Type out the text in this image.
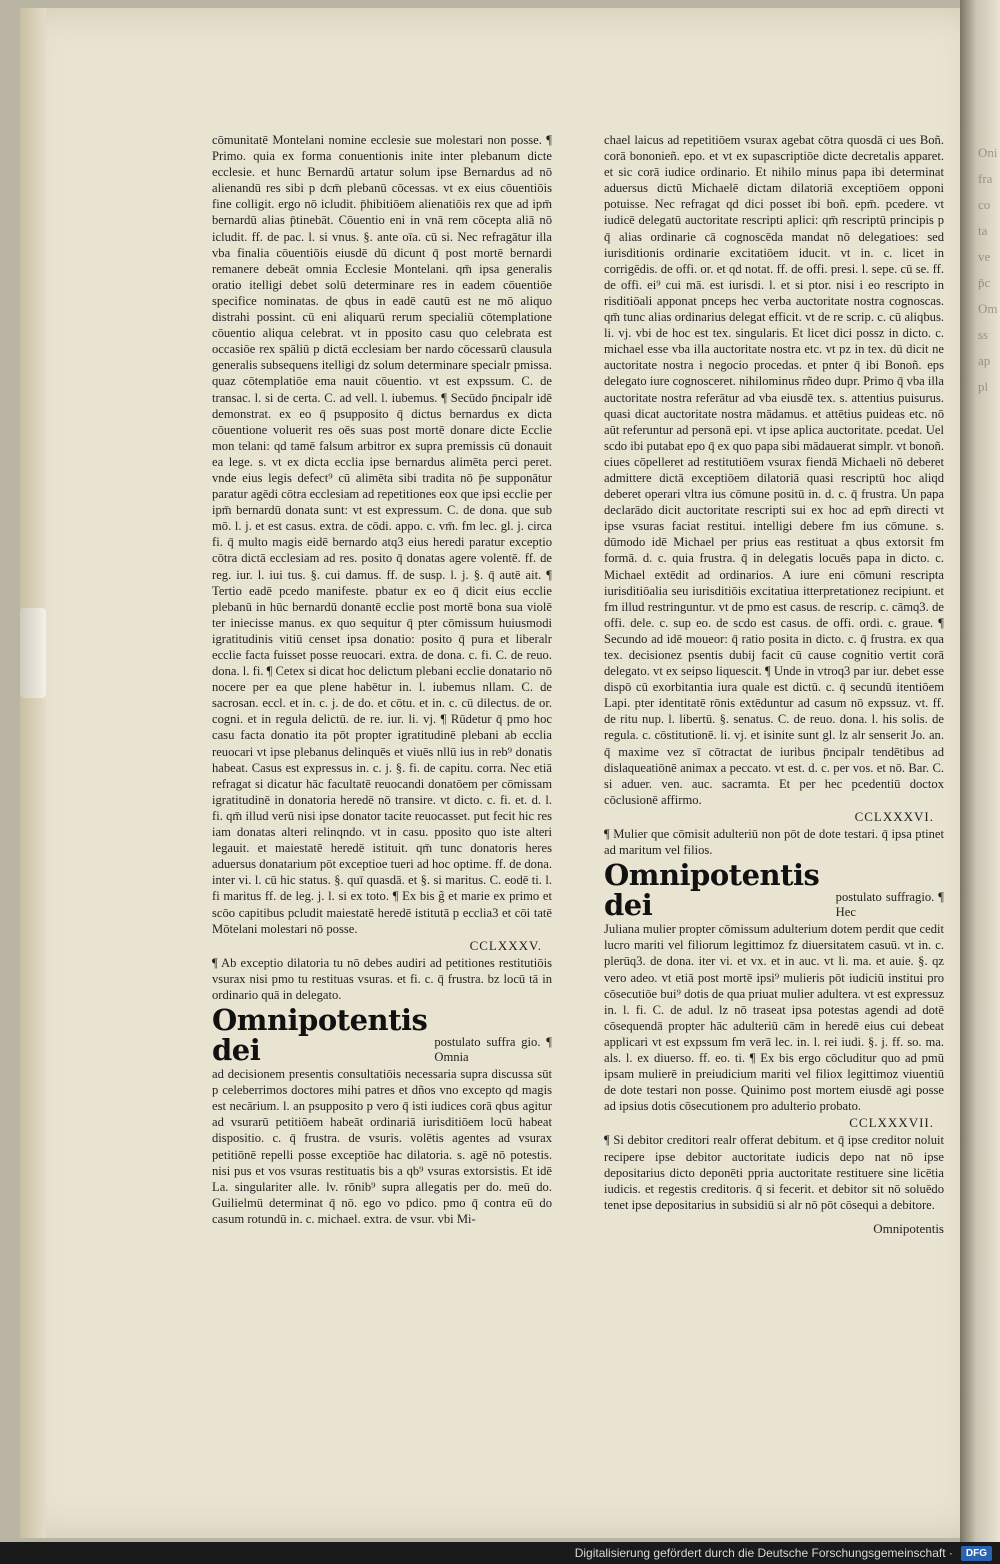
cōmunitatē Montelani nomine ecclesie sue molestari non posse. ¶ Primo. quia ex forma conuentionis inite inter plebanum dicte ecclesie. et hunc Bernardū artatur solum ipse Bernardus ad nō alienandū res sibi p dcm̄ plebanū cōcessas. vt ex eius cōuentiōis fine colligit. ergo nō icludit. p̄hibitiōem alienatiōis rex que ad ipm̄ bernardū alias p̄tinebāt. Cōuentio eni in vnā rem cōcepta aliā nō icludit. ff. de pac. l. si vnus. §. ante oīa. cū si. Nec refragātur illa vba finalia cōuentiōis eiusdē dū dicunt q̄ post mortē bernardi remanere debeāt omnia Ecclesie Montelani. qm̄ ipsa generalis oratio itelligi debet solū determinare res in eadem cōuentiōe specifice nominatas. de qbus in eadē cautū est ne mō aliquo distrahi possint. cū eni aliquarū rerum specialiū cōtemplatione cōuentio aliqua celebrat. vt in pposito casu quo celebrata est occasiōe rex spāliū p dictā ecclesiam ber nardo cōcessarū clausula generalis subsequens itelligi dz solum determinare specialr pmissa. quaz cōtemplatiōe ema nauit cōuentio. vt est expssum. C. de transac. l. si de certa. C. ad vell. l. iubemus. ¶ Secūdo p̄ncipalr idē demonstrat. ex eo q̄ psupposito q̄ dictus bernardus ex dicta cōuentione voluerit res oēs suas post mortē donare dicte Ecclie mon telani: qd tamē falsum arbitror ex supra premissis cū donauit ea lege. s. vt ex dicta ecclia ipse bernardus alimēta perci peret. vnde eius legis defect⁹ cū alimēta sibi tradita nō p̄e supponātur paratur agēdi cōtra ecclesiam ad repetitiones eox que ipsi ecclie per ipm̄ bernardū donata sunt: vt est expressum. C. de dona. que sub mō. l. j. et est casus. extra. de cōdi. appo. c. vm̄. fm lec. gl. j. circa fi. q̄ multo magis eidē bernardo atq3 eius heredi paratur exceptio cōtra dictā ecclesiam ad res. posito q̄ donatas agere volentē. ff. de reg. iur. l. iui tus. §. cui damus. ff. de susp. l. j. §. q̄ autē ait. ¶ Tertio eadē pcedo manifeste. pbatur ex eo q̄ dicit eius ecclie plebanū in hūc bernardū donantē ecclie post mortē bona sua violē ter iniecisse manus. ex quo sequitur q̄ pter cōmissum huiusmodi igratitudinis vitiū censet ipsa donatio: posito q̄ pura et liberalr ecclie facta fuisset posse reuocari. extra. de dona. c. fi. C. de reuo. dona. l. fi. ¶ Cetex si dicat hoc delictum plebani ecclie donatario nō nocere per ea que plene habētur in. l. iubemus nllam. C. de sacrosan. eccl. et in. c. j. de do. et cōtu. et in. c. cū dilectus. de or. cogni. et in regula delictū. de re. iur. li. vj. ¶ Rūdetur q̄ pmo hoc casu facta donatio ita pōt propter igratitudinē plebani ab ecclia reuocari vt ipse plebanus delinquēs et viuēs nllū ius in reb⁹ donatis habeat. Casus est expressus in. c. j. §. fi. de capitu. corra. Nec etiā refragat si dicatur hāc facultatē reuocandi donatōem per cōmissam igratitudinē in donatoria heredē nō transire. vt dicto. c. fi. et. d. l. fi. qm̄ illud verū nisi ipse donator tacite reuocasset. put fecit hic res iam donatas alteri relinqndo. vt in casu. pposito quo iste alteri legauit. et maiestatē heredē istituit. qm̄ tunc donatoris heres aduersus donatarium pōt exceptioe tueri ad hoc optime. ff. de dona. inter vi. l. cū hic status. §. quī quasdā. et §. si maritus. C. eodē ti. l. fi maritus ff. de leg. j. l. si ex toto. ¶ Ex bis g̃ et marie ex primo et scōo capitibus pcludit maiestatē heredē istitutā p ecclia3 et cōi tatē Mōtelani molestari nō posse.

CCLXXXV.

¶ Ab exceptio dilatoria tu nō debes audiri ad petitiones restitutiōis vsurax nisi pmo tu restituas vsuras. et fi. c. q̄ frustra. bz locū tā in ordinario quā in delegato.

Omnipotentis dei	postulato suffra gio. ¶ Omnia

ad decisionem presentis consultatiōis necessaria supra discussa sūt p celeberrimos doctores mihi patres et dños vno excepto qd magis est necārium. l. an psupposito p vero q̄ isti iudices corā qbus agitur ad vsurarū petitiōem habeāt ordinariā iurisditiōem locū habeat dispositio. c. q̄ frustra. de vsuris. volētis agentes ad vsurax petitiōnē repelli posse exceptiōe hac dilatoria. s. agē nō potestis. nisi pus et vos vsuras restituatis bis a qb⁹ vsuras extorsistis. Et idē La. singulariter alle. lv. rōnib⁹ supra allegatis per do. meū do. Guilielmū determinat q̄ nō. ego vo pdico. pmo q̄ contra eū do casum rotundū in. c. michael. extra. de vsur. vbi Mi-

chael laicus ad repetitiōem vsurax agebat cōtra quosdā ci ues Boñ. corā bononieñ. epo. et vt ex supascriptiōe dicte decretalis apparet. et sic corā iudice ordinario. Et nihilo minus papa ibi determinat aduersus dictū Michaelē dictam dilatoriā exceptiōem opponi potuisse. Nec refragat qd dici posset ibi boñ. epm̄. pcedere. vt iudicē delegatū auctoritate rescripti aplici: qm̄ rescriptū principis p q̄ alias ordinarie cā cognoscēda mandat nō delegatioes: sed iurisditionis ordinarie excitatiōem iducit. vt in. c. licet in corrigēdis. de offi. or. et qd notat. ff. de offi. presi. l. sepe. cū se. ff. de offi. ei⁹ cui mā. est iurisdi. l. et si ptor. nisi i eo rescripto in risditiōali apponat pnceps hec verba auctoritate nostra cognoscas. qm̄ tunc alias ordinarius delegat efficit. vt de re scrip. c. cū aliqbus. li. vj. vbi de hoc est tex. singularis. Et licet dici possz in dicto. c. michael esse vba illa auctoritate nostra etc. vt pz in tex. dū dicit ne auctoritate nostra i negocio procedas. et pnter q̄ ibi Bonoñ. eps delegato iure cognosceret. nihilominus rñdeo dupr. Primo q̄ vba illa auctoritate nostra referātur ad vba eiusdē tex. s. attentius puisurus. quasi dicat auctoritate nostra mādamus. et attētius puideas etc. nō aūt referuntur ad personā epi. vt ipse aplica auctoritate. pcedat. Uel scdo ibi putabat epo q̄ ex quo papa sibi mādauerat simplr. vt bonoñ. ciues cōpelleret ad restitutiōem vsurax fiendā Michaeli nō deberet admittere dictā exceptiōem dilatoriā quasi rescriptū hoc aliqd deberet operari vltra ius cōmune positū in. d. c. q̄ frustra. Un papa declarādo dicit auctoritate rescripti sui ex hoc ad epm̄ directi vt ipse vsuras faciat restitui. intelligi debere fm ius cōmune. s. dūmodo idē Michael per prius eas restituat a qbus extorsit fm formā. d. c. quia frustra. q̄ in delegatis locuēs papa in dicto. c. Michael extēdit ad ordinarios. A iure eni cōmuni rescripta iurisditiōalia seu iurisditiōis excitatiua itterpretationez recipiunt. et fm illud restringuntur. vt de pmo est casus. de rescrip. c. cāmq3. de offi. dele. c. sup eo. de scdo est casus. de offi. ordi. c. graue. ¶ Secundo ad idē moueor: q̄ ratio posita in dicto. c. q̄ frustra. ex qua tex. decisionez psentis dubij facit cū cause cognitio vertit corā delegato. vt ex seipso liquescit. ¶ Unde in vtroq3 par iur. debet esse dispō cū exorbitantia iura quale est dictū. c. q̄ secundū itentiōem Lapi. pter identitatē rōnis extēduntur ad casum nō expssuz. vt. ff. de ritu nup. l. libertū. §. senatus. C. de reuo. dona. l. his solis. de regula. c. cōstitutionē. li. vj. et isinite sunt gl. lz alr senserit Jo. an. q̄ maxime vez sī cōtractat de iuribus p̄ncipalr tendētibus ad dislaqueatiōnē animax a peccato. vt est. d. c. per vos. et nō. Bar. C. si aduer. ven. auc. sacramta. Et per hec pcedentiū doctox cōclusionē affirmo.

CCLXXXVI.

¶ Mulier que cōmisit adulteriū non pōt de dote testari. q̄ ipsa ptinet ad maritum vel filios.

Omnipotentis dei	postulato suffragio. ¶ Hec

Juliana mulier propter cōmissum adulterium dotem perdit que cedit lucro mariti vel filiorum legittimoz fz diuersitatem casuū. vt in. c. plerūq3. de dona. iter vi. et vx. et in auc. vt li. ma. et auie. §. qz vero adeo. vt etiā post mortē ipsi⁹ mulieris pōt iudiciū institui pro cōsecutiōe bui⁹ dotis de qua priuat mulier adultera. vt est expressuz in. l. fi. C. de adul. lz nō traseat ipsa potestas agendi ad dotē cōsequendā propter hāc adulteriū cām in heredē eius cui debeat applicari vt est expssum fm verā lec. in. l. rei iudi. §. j. ff. so. ma. als. l. ex diuerso. ff. eo. ti. ¶ Ex bis ergo cōcluditur quo ad pmū ipsam mulierē in preiudicium mariti vel filiox legittimoz viuentiū de dote testari non posse. Quinimo post mortem eiusdē agi posse ad ipsius dotis cōsecutionem pro adulterio probato.

CCLXXXVII.

¶ Si debitor creditori realr offerat debitum. et q̄ ipse creditor noluit recipere ipse debitor auctoritate iudicis depo nat nō ipse depositarius dicto deponēti ppria auctoritate restituere sine licētia iudicis. et regestis creditoris. q̄ si fecerit. et debitor sit nō soluēdo tenet ipse depositarius in subsidiū si alr nō pōt cōsequi a debitore.

Omnipotentis
Oni fra co ta ve p̄c Om ss ap pl
Digitalisierung gefördert durch die Deutsche Forschungsgemeinschaft ·	DFG
